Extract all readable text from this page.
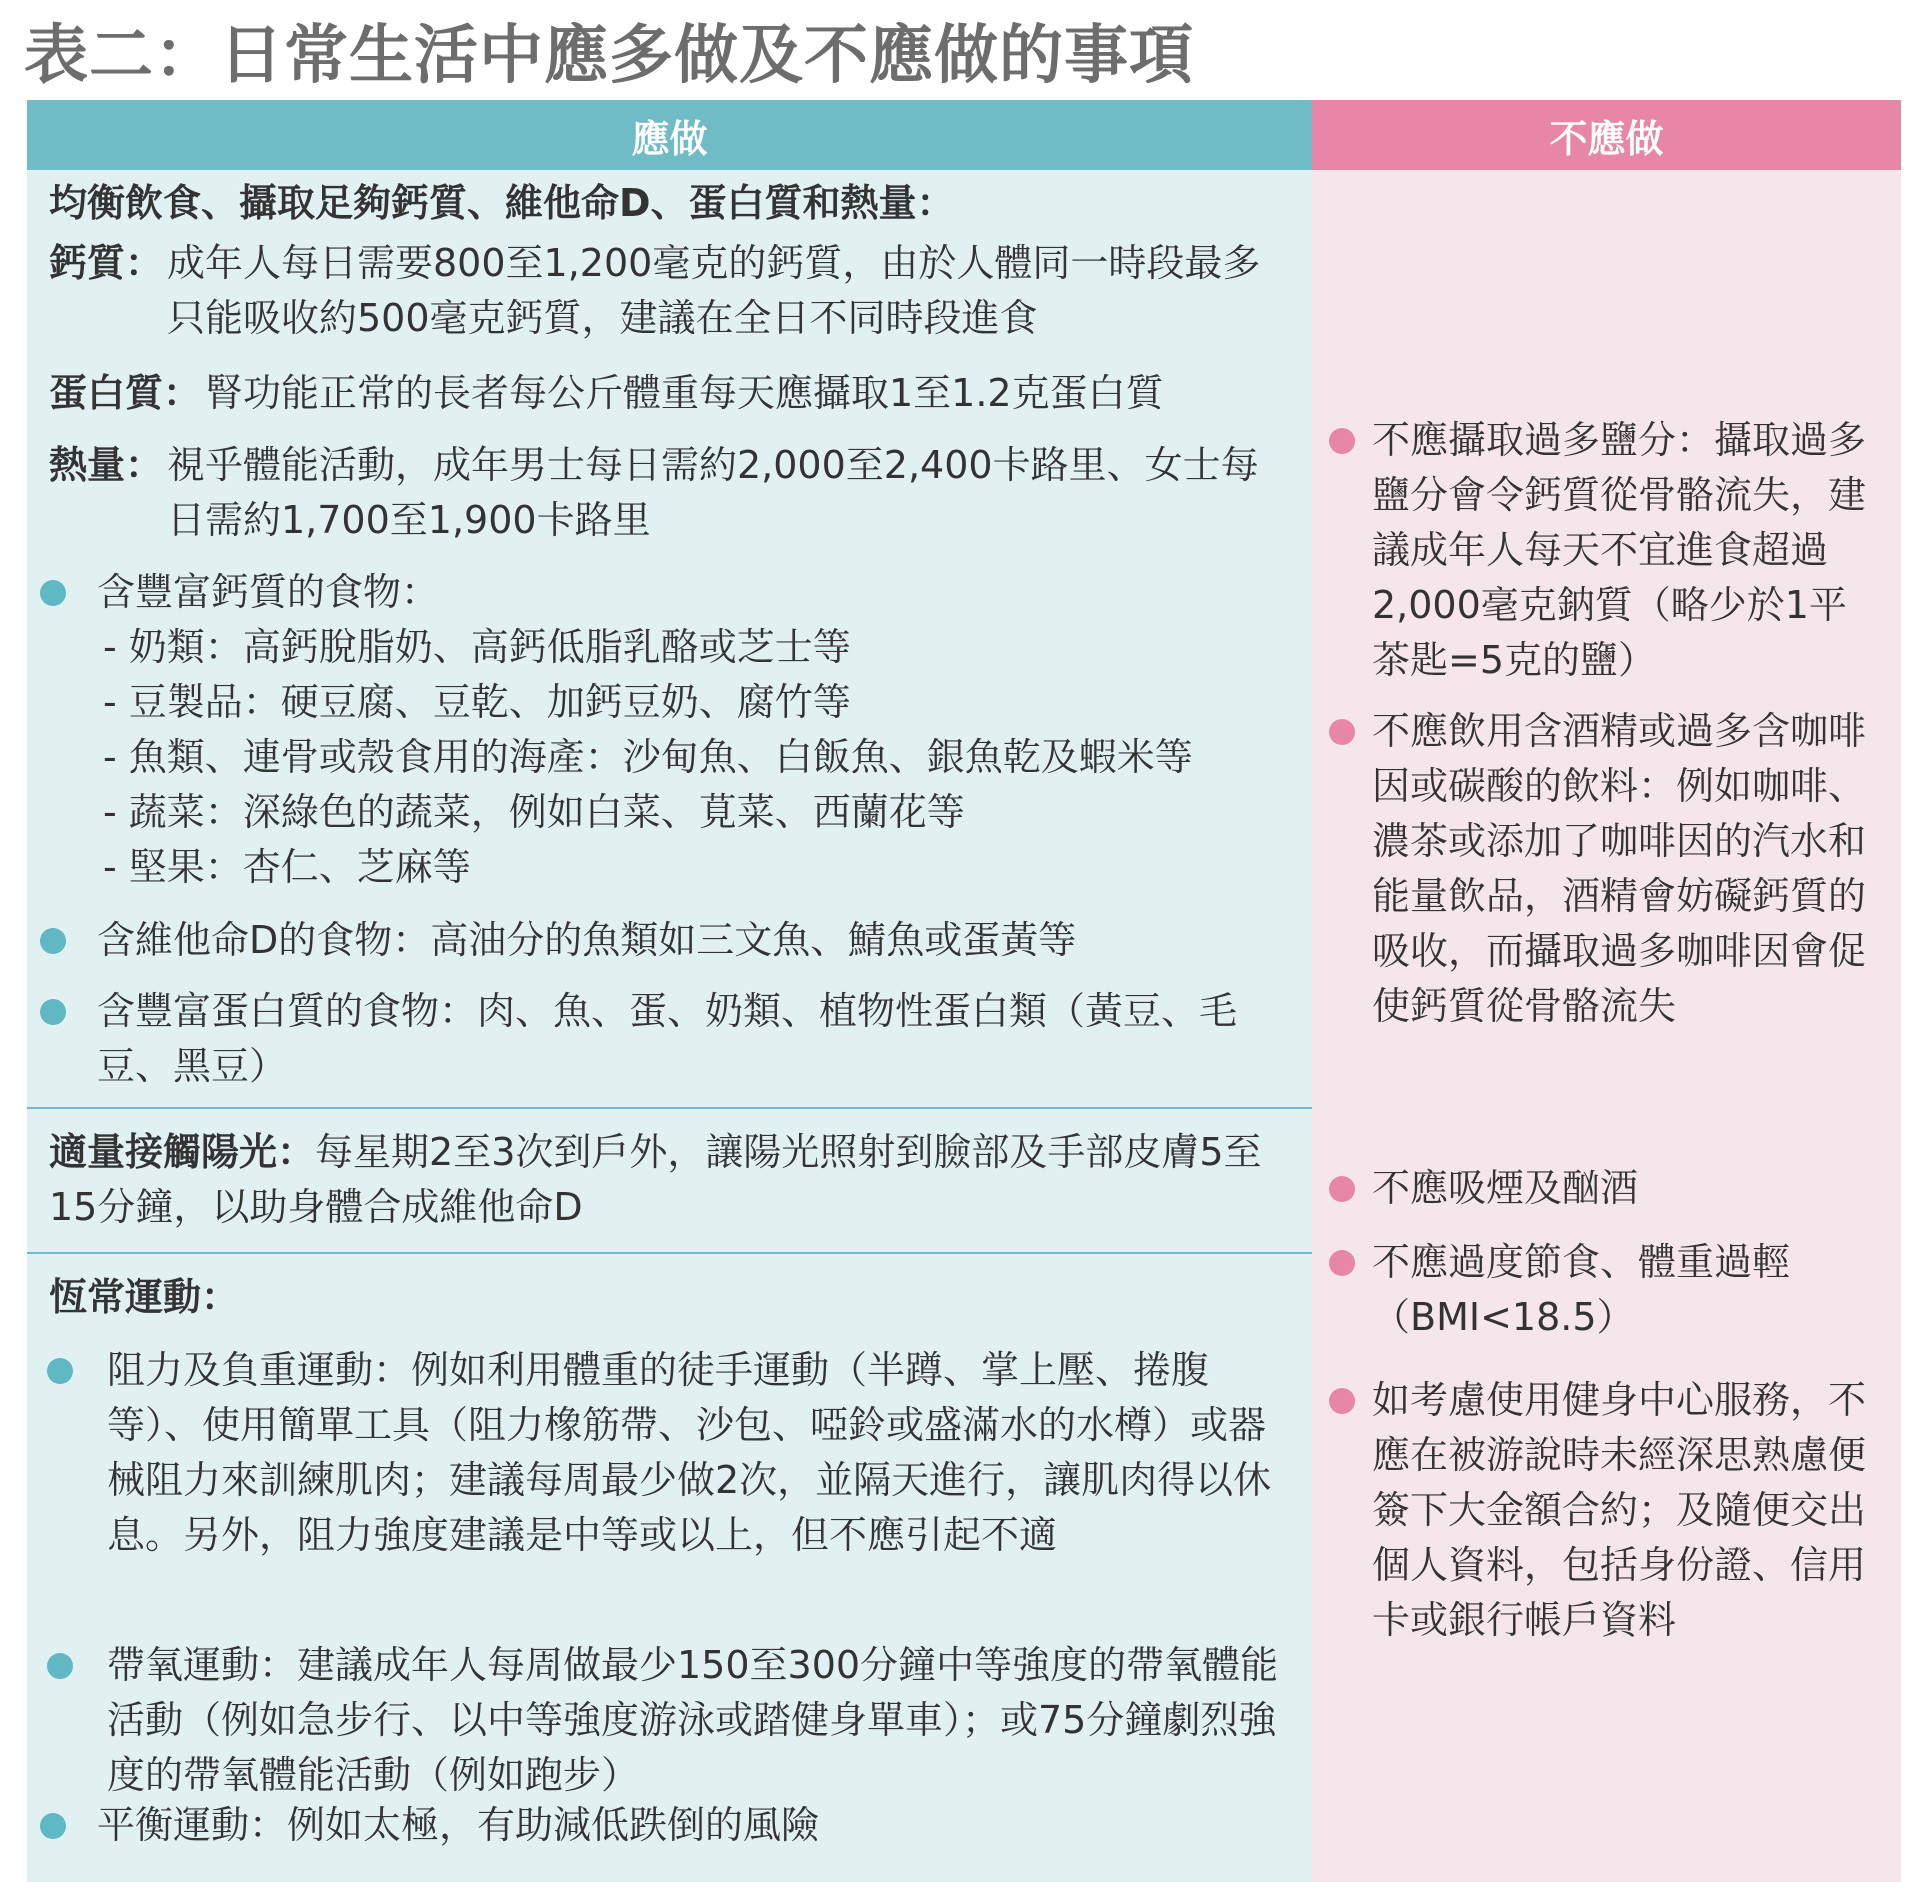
表二：日常生活中應多做及不應做的事項
應做	不應做
均衡飲食、攝取足夠鈣質、維他命D、蛋白質和熱量：
鈣質： 成年人每日需要800至1,200毫克的鈣質，由於人體同一時段最多只能吸收約500毫克鈣質，建議在全日不同時段進食
蛋白質： 腎功能正常的長者每公斤體重每天應攝取1至1.2克蛋白質
熱量： 視乎體能活動，成年男士每日需約2,000至2,400卡路里、女士每日需約1,700至1,900卡路里
含豐富鈣質的食物：
- 奶類：高鈣脫脂奶、高鈣低脂乳酪或芝士等
- 豆製品：硬豆腐、豆乾、加鈣豆奶、腐竹等
- 魚類、連骨或殼食用的海產：沙甸魚、白飯魚、銀魚乾及蝦米等
- 蔬菜：深綠色的蔬菜，例如白菜、莧菜、西蘭花等
- 堅果：杏仁、芝麻等
含維他命D的食物：高油分的魚類如三文魚、鯖魚或蛋黃等
含豐富蛋白質的食物：肉、魚、蛋、奶類、植物性蛋白類（黃豆、毛豆、黑豆）
適量接觸陽光：每星期2至3次到戶外，讓陽光照射到臉部及手部皮膚5至15分鐘，以助身體合成維他命D
恆常運動：
阻力及負重運動：例如利用體重的徒手運動（半蹲、掌上壓、捲腹等）、使用簡單工具（阻力橡筋帶、沙包、啞鈴或盛滿水的水樽）或器械阻力來訓練肌肉；建議每周最少做2次，並隔天進行，讓肌肉得以休息。另外，阻力強度建議是中等或以上，但不應引起不適
帶氧運動：建議成年人每周做最少150至300分鐘中等強度的帶氧體能活動（例如急步行、以中等強度游泳或踏健身單車）；或75分鐘劇烈強度的帶氧體能活動（例如跑步）
平衡運動：例如太極，有助減低跌倒的風險
不應攝取過多鹽分：攝取過多鹽分會令鈣質從骨骼流失，建議成年人每天不宜進食超過2,000毫克鈉質（略少於1平茶匙=5克的鹽）
不應飲用含酒精或過多含咖啡因或碳酸的飲料：例如咖啡、濃茶或添加了咖啡因的汽水和能量飲品，酒精會妨礙鈣質的吸收，而攝取過多咖啡因會促使鈣質從骨骼流失
不應吸煙及酗酒
不應過度節食、體重過輕（BMI<18.5）
如考慮使用健身中心服務，不應在被游說時未經深思熟慮便簽下大金額合約；及隨便交出個人資料，包括身份證、信用卡或銀行帳戶資料
